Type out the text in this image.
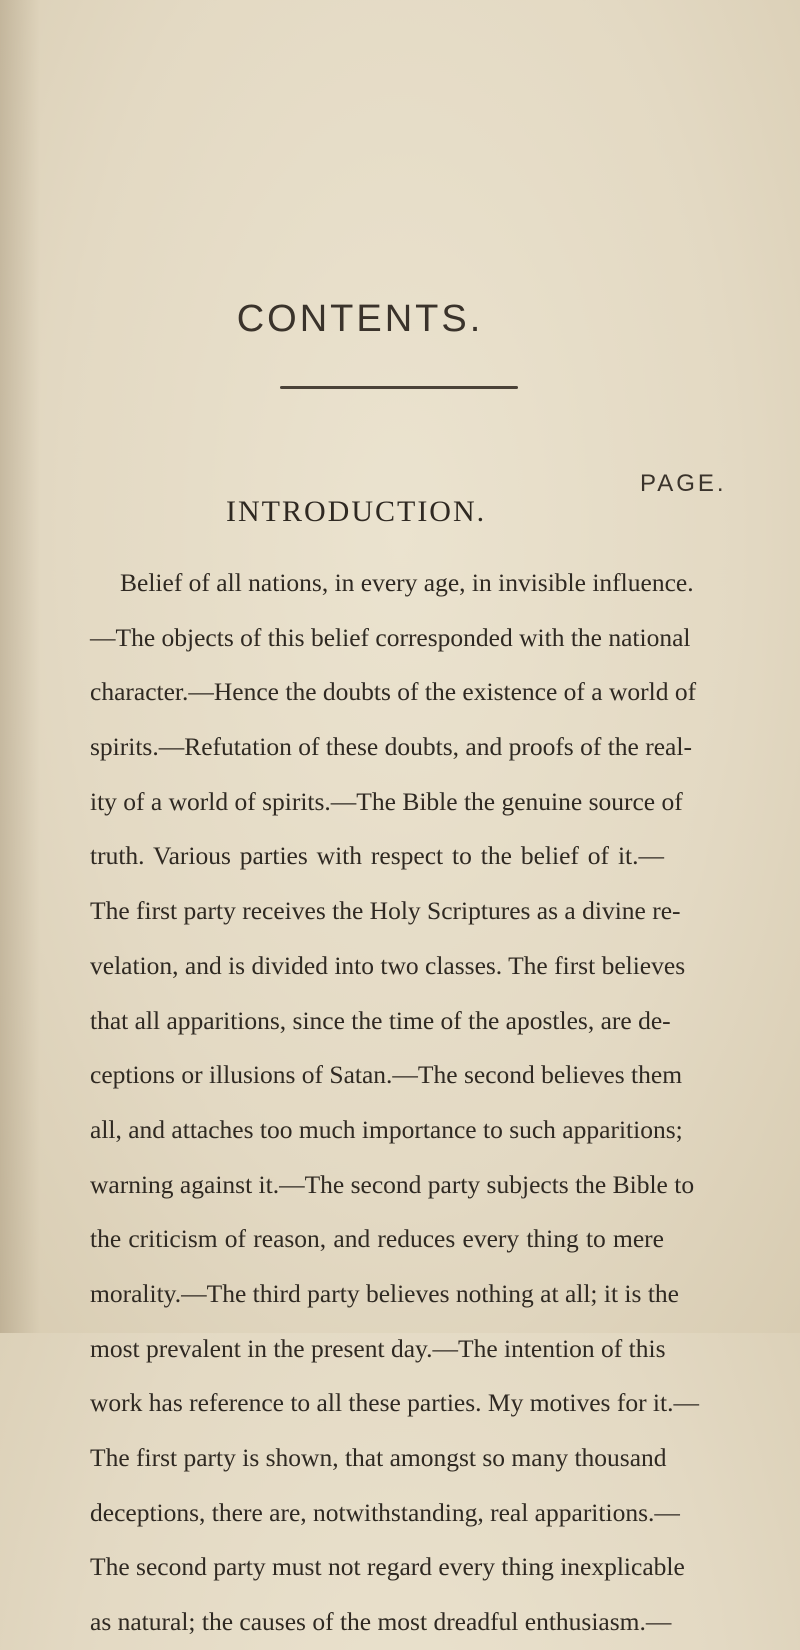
CONTENTS.
PAGE.
INTRODUCTION.
Belief of all nations, in every age, in invisible influence.
—The objects of this belief corresponded with the national
character.—Hence the doubts of the existence of a world of
spirits.—Refutation of these doubts, and proofs of the real-
ity of a world of spirits.—The Bible the genuine source of
truth. Various parties with respect to the belief of it.—
The first party receives the Holy Scriptures as a divine re-
velation, and is divided into two classes. The first believes
that all apparitions, since the time of the apostles, are de-
ceptions or illusions of Satan.—The second believes them
all, and attaches too much importance to such apparitions;
warning against it.—The second party subjects the Bible to
the criticism of reason, and reduces every thing to mere
morality.—The third party believes nothing at all; it is the
most prevalent in the present day.—The intention of this
work has reference to all these parties. My motives for it.—
The first party is shown, that amongst so many thousand
deceptions, there are, notwithstanding, real apparitions.—
The second party must not regard every thing inexplicable
as natural; the causes of the most dreadful enthusiasm.—
